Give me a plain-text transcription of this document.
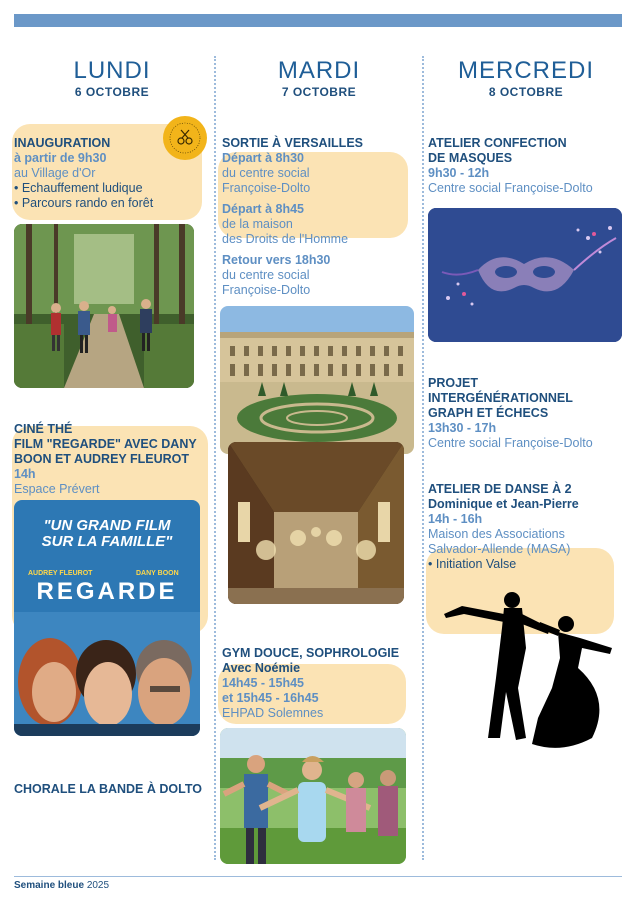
LUNDI
6 OCTOBRE
MARDI
7 OCTOBRE
MERCREDI
8 OCTOBRE
INAUGURATION
à partir de 9h30
au Village d'Or
• Echauffement ludique
• Parcours rando en forêt
CINÉ THÉ
FILM "REGARDE" AVEC DANY
BOON ET AUDREY FLEUROT
14h
Espace Prévert
"UN GRAND FILM
SUR LA FAMILLE"
AUDREY FLEUROT	DANY BOON
REGARDE
CHORALE LA BANDE À DOLTO
SORTIE À VERSAILLES
Départ à 8h30
du centre social
Françoise-Dolto
Départ à 8h45
de la maison
des Droits de l'Homme
Retour vers 18h30
du centre social
Françoise-Dolto
GYM DOUCE, SOPHROLOGIE
Avec Noémie
14h45 - 15h45
et 15h45 - 16h45
EHPAD Solemnes
ATELIER CONFECTION
DE MASQUES
9h30 - 12h
Centre social Françoise-Dolto
PROJET
INTERGÉNÉRATIONNEL
GRAPH ET ÉCHECS
13h30 - 17h
Centre social Françoise-Dolto
ATELIER DE DANSE À 2
Dominique et Jean-Pierre
14h - 16h
Maison des Associations
Salvador-Allende (MASA)
• Initiation Valse
Semaine bleue 2025
